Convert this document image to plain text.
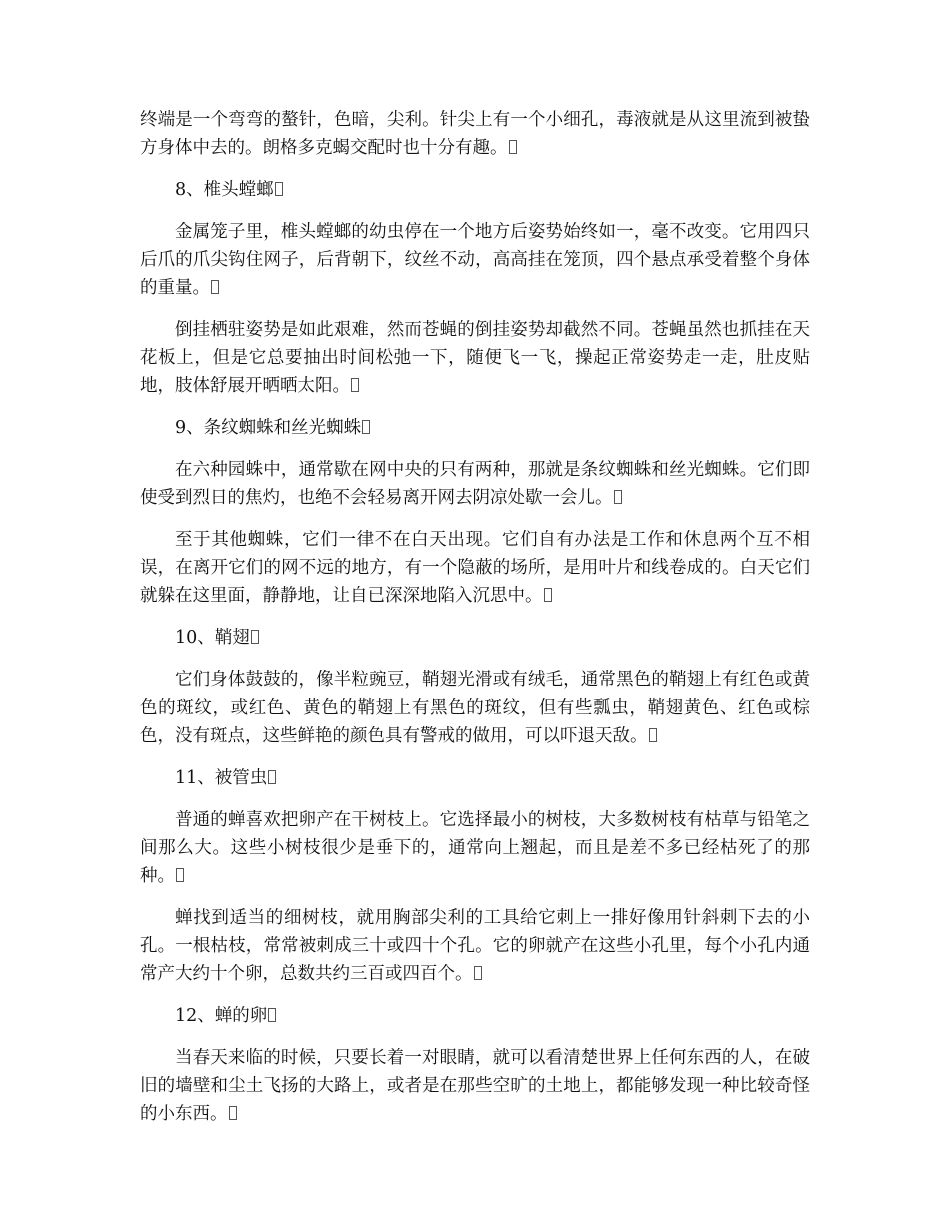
终端是一个弯弯的螯针，色暗，尖利。针尖上有一个小细孔，毒液就是从这里流到被蛰方身体中去的。朗格多克蝎交配时也十分有趣。

8、椎头螳螂

金属笼子里，椎头螳螂的幼虫停在一个地方后姿势始终如一，毫不改变。它用四只后爪的爪尖钩住网子，后背朝下，纹丝不动，高高挂在笼顶，四个悬点承受着整个身体的重量。

倒挂栖驻姿势是如此艰难，然而苍蝇的倒挂姿势却截然不同。苍蝇虽然也抓挂在天花板上，但是它总要抽出时间松弛一下，随便飞一飞，操起正常姿势走一走，肚皮贴地，肢体舒展开晒晒太阳。

9、条纹蜘蛛和丝光蜘蛛

在六种园蛛中，通常歇在网中央的只有两种，那就是条纹蜘蛛和丝光蜘蛛。它们即使受到烈日的焦灼，也绝不会轻易离开网去阴凉处歇一会儿。

至于其他蜘蛛，它们一律不在白天出现。它们自有办法是工作和休息两个互不相误，在离开它们的网不远的地方，有一个隐蔽的场所，是用叶片和线卷成的。白天它们就躲在这里面，静静地，让自已深深地陷入沉思中。

10、鞘翅

它们身体鼓鼓的，像半粒豌豆，鞘翅光滑或有绒毛，通常黑色的鞘翅上有红色或黄色的斑纹，或红色、黄色的鞘翅上有黑色的斑纹，但有些瓢虫，鞘翅黄色、红色或棕色，没有斑点，这些鲜艳的颜色具有警戒的做用，可以吓退天敌。

11、被管虫

普通的蝉喜欢把卵产在干树枝上。它选择最小的树枝，大多数树枝有枯草与铅笔之间那么大。这些小树枝很少是垂下的，通常向上翘起，而且是差不多已经枯死了的那种。

蝉找到适当的细树枝，就用胸部尖利的工具给它刺上一排好像用针斜刺下去的小孔。一根枯枝，常常被刺成三十或四十个孔。它的卵就产在这些小孔里，每个小孔内通常产大约十个卵，总数共约三百或四百个。

12、蝉的卵

当春天来临的时候，只要长着一对眼睛，就可以看清楚世界上任何东西的人，在破旧的墙壁和尘土飞扬的大路上，或者是在那些空旷的土地上，都能够发现一种比较奇怪的小东西。
